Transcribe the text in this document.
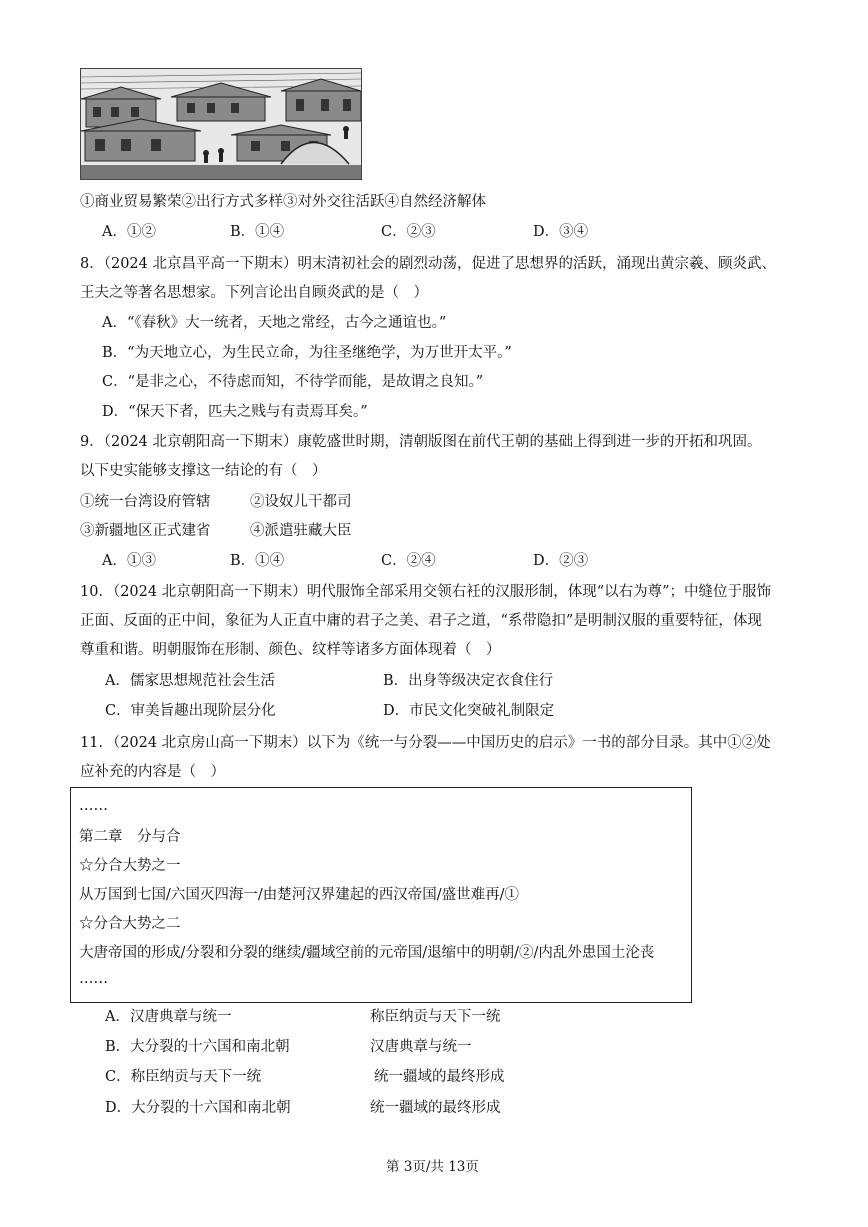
①商业贸易繁荣②出行方式多样③对外交往活跃④自然经济解体
A．①②	B．①④	C．②③	D．③④
8．（2024 北京昌平高一下期末）明末清初社会的剧烈动荡，促进了思想界的活跃，涌现出黄宗羲、顾炎武、
王夫之等著名思想家。下列言论出自顾炎武的是（　）
A．“《春秋》大一统者，天地之常经，古今之通谊也。”
B．“为天地立心，为生民立命，为往圣继绝学，为万世开太平。”
C．“是非之心，不待虑而知，不待学而能，是故谓之良知。”
D．“保天下者，匹夫之贱与有责焉耳矣。”
9．（2024 北京朝阳高一下期末）康乾盛世时期，清朝版图在前代王朝的基础上得到进一步的开拓和巩固。
以下史实能够支撑这一结论的有（　）
①统一台湾设府管辖	②设奴儿干都司
③新疆地区正式建省	④派遣驻藏大臣
A．①③	B．①④	C．②④	D．②③
10．（2024 北京朝阳高一下期末）明代服饰全部采用交领右衽的汉服形制，体现“以右为尊”；中缝位于服饰
正面、反面的正中间，象征为人正直中庸的君子之美、君子之道，“系带隐扣”是明制汉服的重要特征，体现
尊重和谐。明朝服饰在形制、颜色、纹样等诸多方面体现着（　）
A．儒家思想规范社会生活	B．出身等级决定衣食住行
C．审美旨趣出现阶层分化	D．市民文化突破礼制限定
11．（2024 北京房山高一下期末）以下为《统一与分裂——中国历史的启示》一书的部分目录。其中①②处
应补充的内容是（　）
……
第二章　分与合
☆分合大势之一
从万国到七国/六国灭四海一/由楚河汉界建起的西汉帝国/盛世难再/①
☆分合大势之二
大唐帝国的形成/分裂和分裂的继续/疆域空前的元帝国/退缩中的明朝/②/内乱外患国土沦丧
……
A．汉唐典章与统一	称臣纳贡与天下一统
B．大分裂的十六国和南北朝	汉唐典章与统一
C．称臣纳贡与天下一统	统一疆域的最终形成
D．大分裂的十六国和南北朝	统一疆域的最终形成
第 3页/共 13页
